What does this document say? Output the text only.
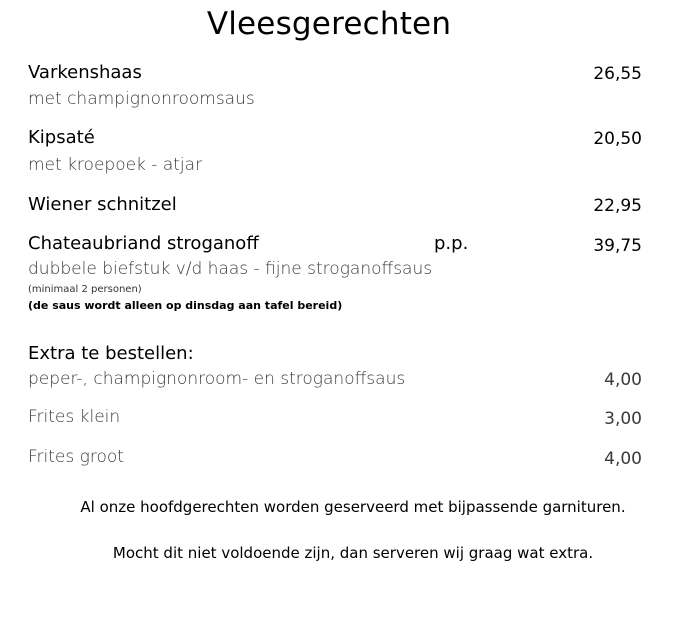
Vleesgerechten
Varkenshaas	26,55
met champignonroomsaus
Kipsaté	20,50
met kroepoek - atjar
Wiener schnitzel	22,95
Chateaubriand stroganoff	p.p.	39,75
dubbele biefstuk v/d haas - fijne stroganoffsaus
(minimaal 2 personen)
(de saus wordt alleen op dinsdag aan tafel bereid)
Extra te bestellen:
peper-, champignonroom- en stroganoffsaus	4,00
Frites klein	3,00
Frites groot	4,00
Al onze hoofdgerechten worden geserveerd met bijpassende garnituren.
Mocht dit niet voldoende zijn, dan serveren wij graag wat extra.
